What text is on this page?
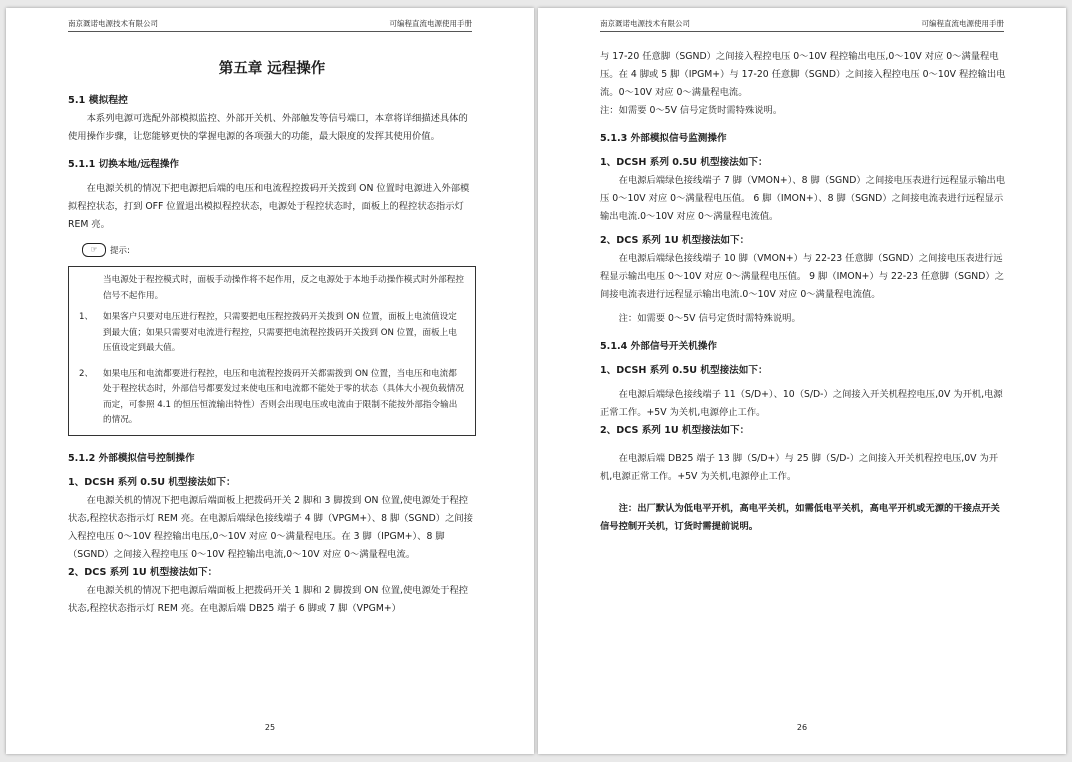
南京溉诺电源技术有限公司	可编程直流电源使用手册

第五章 远程操作

5.1 模拟程控

本系列电源可选配外部模拟监控、外部开关机、外部触发等信号端口，本章将详细描述具体的使用操作步骤，让您能够更快的掌握电源的各项强大的功能，最大限度的发挥其使用价值。

5.1.1 切换本地/远程操作

在电源关机的情况下把电源把后端的电压和电流程控拨码开关拨到 ON 位置时电源进入外部模拟程控状态，打到 OFF 位置退出模拟程控状态，电源处于程控状态时，面板上的程控状态指示灯 REM 亮。

☞	提示:

当电源处于程控模式时，面板手动操作将不起作用，反之电源处于本地手动操作模式时外部程控信号不起作用。

1、 如果客户只要对电压进行程控，只需要把电压程控拨码开关拨到 ON 位置，面板上电流值设定到最大值；如果只需要对电流进行程控，只需要把电流程控拨码开关拨到 ON 位置，面板上电压值设定到最大值。
2、 如果电压和电流都要进行程控，电压和电流程控拨码开关都需拨到 ON 位置，当电压和电流都处于程控状态时，外部信号都要发过来使电压和电流都不能处于零的状态（具体大小视负载情况而定，可参照 4.1 的恒压恒流输出特性）否则会出现电压或电流由于限制不能按外部指令输出的情况。

5.1.2 外部模拟信号控制操作

1、DCSH 系列 0.5U 机型接法如下：

在电源关机的情况下把电源后端面板上把拨码开关 2 脚和 3 脚拨到 ON 位置,使电源处于程控状态,程控状态指示灯 REM 亮。在电源后端绿色接线端子 4 脚（VPGM+）、8 脚（SGND）之间接入程控电压 0～10V 程控输出电压,0～10V 对应 0～满量程电压。在 3 脚（IPGM+）、8 脚（SGND）之间接入程控电压 0～10V 程控输出电流,0～10V 对应 0～满量程电流。

2、DCS 系列 1U 机型接法如下：

在电源关机的情况下把电源后端面板上把拨码开关 1 脚和 2 脚拨到 ON 位置,使电源处于程控状态,程控状态指示灯 REM 亮。在电源后端 DB25 端子 6 脚或 7 脚（VPGM+）

25
南京溉诺电源技术有限公司	可编程直流电源使用手册

与 17-20 任意脚（SGND）之间接入程控电压 0～10V 程控输出电压,0～10V 对应 0～满量程电压。在 4 脚或 5 脚（IPGM+）与 17-20 任意脚（SGND）之间接入程控电压 0～10V 程控输出电流。0～10V 对应 0～满量程电流。

注：如需要 0～5V 信号定货时需特殊说明。

5.1.3 外部模拟信号监测操作

1、DCSH 系列 0.5U 机型接法如下：

在电源后端绿色接线端子 7 脚（VMON+）、8 脚（SGND）之间接电压表进行远程显示输出电压 0～10V 对应 0～满量程电压值。 6 脚（IMON+）、8 脚（SGND）之间接电流表进行远程显示输出电流.0～10V 对应 0～满量程电流值。

2、DCS 系列 1U 机型接法如下：

在电源后端绿色接线端子 10 脚（VMON+）与 22-23 任意脚（SGND）之间接电压表进行远程显示输出电压 0～10V 对应 0～满量程电压值。 9 脚（IMON+）与 22-23 任意脚（SGND）之间接电流表进行远程显示输出电流.0～10V 对应 0～满量程电流值。

注：如需要 0～5V 信号定货时需特殊说明。

5.1.4 外部信号开关机操作

1、DCSH 系列 0.5U 机型接法如下：

在电源后端绿色接线端子 11（S/D+）、10（S/D-）之间接入开关机程控电压,0V 为开机,电源正常工作。+5V 为关机,电源停止工作。

2、DCS 系列 1U 机型接法如下：

在电源后端 DB25 端子 13 脚（S/D+）与 25 脚（S/D-）之间接入开关机程控电压,0V 为开机,电源正常工作。+5V 为关机,电源停止工作。

注：出厂默认为低电平开机，高电平关机，如需低电平关机，高电平开机或无源的干接点开关信号控制开关机，订货时需提前说明。

26
